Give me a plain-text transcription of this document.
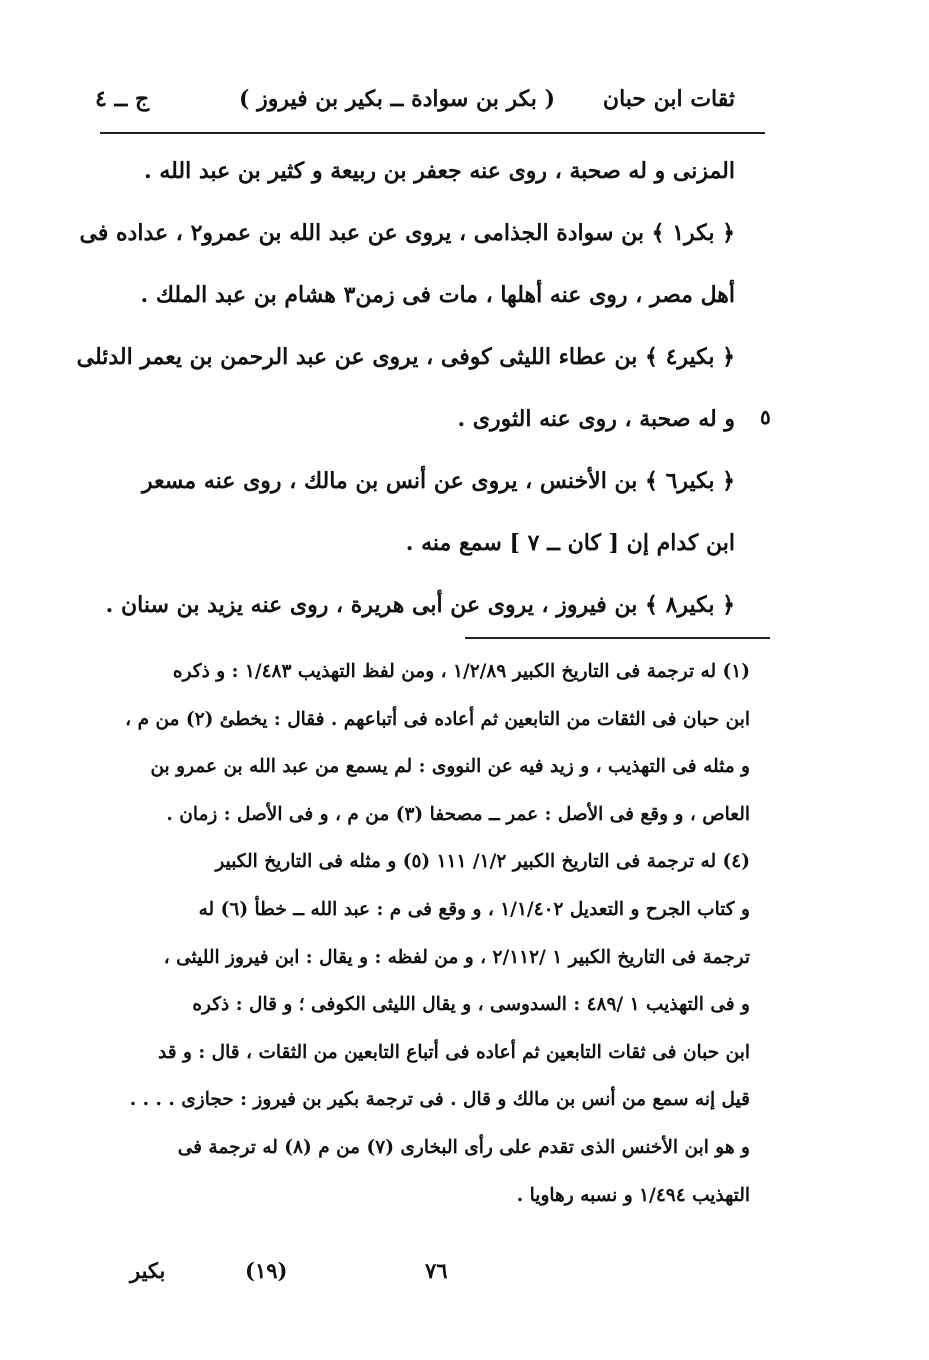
ثقات ابن حبان
( بكر بن سوادة ــ بكير بن فيروز )
ج ــ ٤
المزنى و له صحبة ، روى عنه جعفر بن ربيعة و كثير بن عبد الله .
﴿ بكر١ ﴾ بن سوادة الجذامى ، يروى عن عبد الله بن عمرو٢ ، عداده فى
أهل مصر ، روى عنه أهلها ، مات فى زمن٣ هشام بن عبد الملك .
﴿ بكير٤ ﴾ بن عطاء الليثى كوفى ، يروى عن عبد الرحمن بن يعمر الدئلى
و له صحبة ، روى عنه الثورى .
﴿ بكير٦ ﴾ بن الأخنس ، يروى عن أنس بن مالك ، روى عنه مسعر
ابن كدام إن [ كان ــ ٧ ] سمع منه .
﴿ بكير٨ ﴾ بن فيروز ، يروى عن أبى هريرة ، روى عنه يزيد بن سنان .
٥
(١) له ترجمة فى التاريخ الكبير ١/٢/٨٩ ، ومن لفظ التهذيب ١/٤٨٣ : و ذكره
ابن حبان فى الثقات من التابعين ثم أعاده فى أتباعهم . فقال : يخطئ (٢) من م ،
و مثله فى التهذيب ، و زيد فيه عن النووى : لم يسمع من عبد الله بن عمرو بن
العاص ، و وقع فى الأصل : عمر ــ مصحفا (٣) من م ، و فى الأصل : زمان .
(٤) له ترجمة فى التاريخ الكبير ١/٢/ ١١١ (٥) و مثله فى التاريخ الكبير
و كتاب الجرح و التعديل ١/١/٤٠٢ ، و وقع فى م : عبد الله ــ خطأ (٦) له
ترجمة فى التاريخ الكبير ١ /٢/١١٢ ، و من لفظه : و يقال : ابن فيروز الليثى ،
و فى التهذيب ١ /٤٨٩ : السدوسى ، و يقال الليثى الكوفى ؛ و قال : ذكره
ابن حبان فى ثقات التابعين ثم أعاده فى أتباع التابعين من الثقات ، قال : و قد
قيل إنه سمع من أنس بن مالك و قال . فى ترجمة بكير بن فيروز : حجازى . . . .
و هو ابن الأخنس الذى تقدم على رأى البخارى (٧) من م (٨) له ترجمة فى
التهذيب ١/٤٩٤ و نسبه رهاويا .
٧٦
(١٩)
بكير
